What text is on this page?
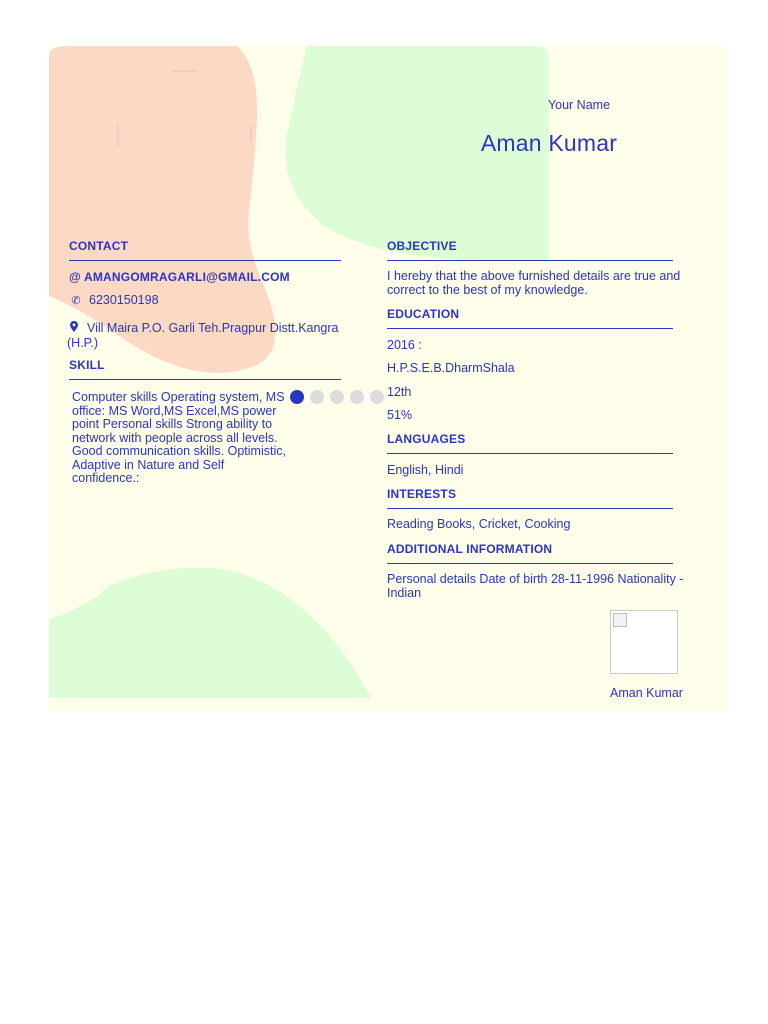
Your Name
Aman Kumar
CONTACT
@ AMANGOMRAGARLI@GMAIL.COM
✆ 6230150198
Vill Maira P.O. Garli Teh.Pragpur Distt.Kangra (H.P.)
SKILL
Computer skills Operating system, MS office: MS Word,MS Excel,MS power point Personal skills Strong ability to network with people across all levels. Good communication skills. Optimistic, Adaptive in Nature and Self confidence.:
OBJECTIVE
I hereby that the above furnished details are true and correct to the best of my knowledge.
EDUCATION
2016 :
H.P.S.E.B.DharmShala
12th
51%
LANGUAGES
English, Hindi
INTERESTS
Reading Books, Cricket, Cooking
ADDITIONAL INFORMATION
Personal details Date of birth 28-11-1996 Nationality - Indian
Aman Kumar
